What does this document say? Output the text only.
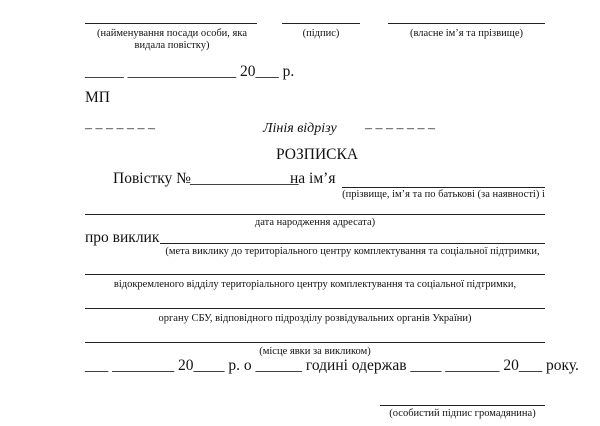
(найменування посади особи, яка видала повістку)
(підпис)	(власне ім’я та прізвище)
_____ ______________ 20___ р.
МП
– – – – – – –	Лінія відрізу – – – – – – –
РОЗПИСКА
Повістку № ______________
на ім’я
(прізвище, ім’я та по батькові (за наявності) і
дата народження адресата)
про виклик
(мета виклику до територіального центру комплектування та соціальної підтримки,
відокремленого відділу територіального центру комплектування та соціальної підтримки,
органу СБУ, відповідного підрозділу розвідувальних органів України)
(місце явки за викликом)
___ ________ 20____ р. о ______ годині одержав ____ _______ 20___ року.
(особистий підпис громадянина)
